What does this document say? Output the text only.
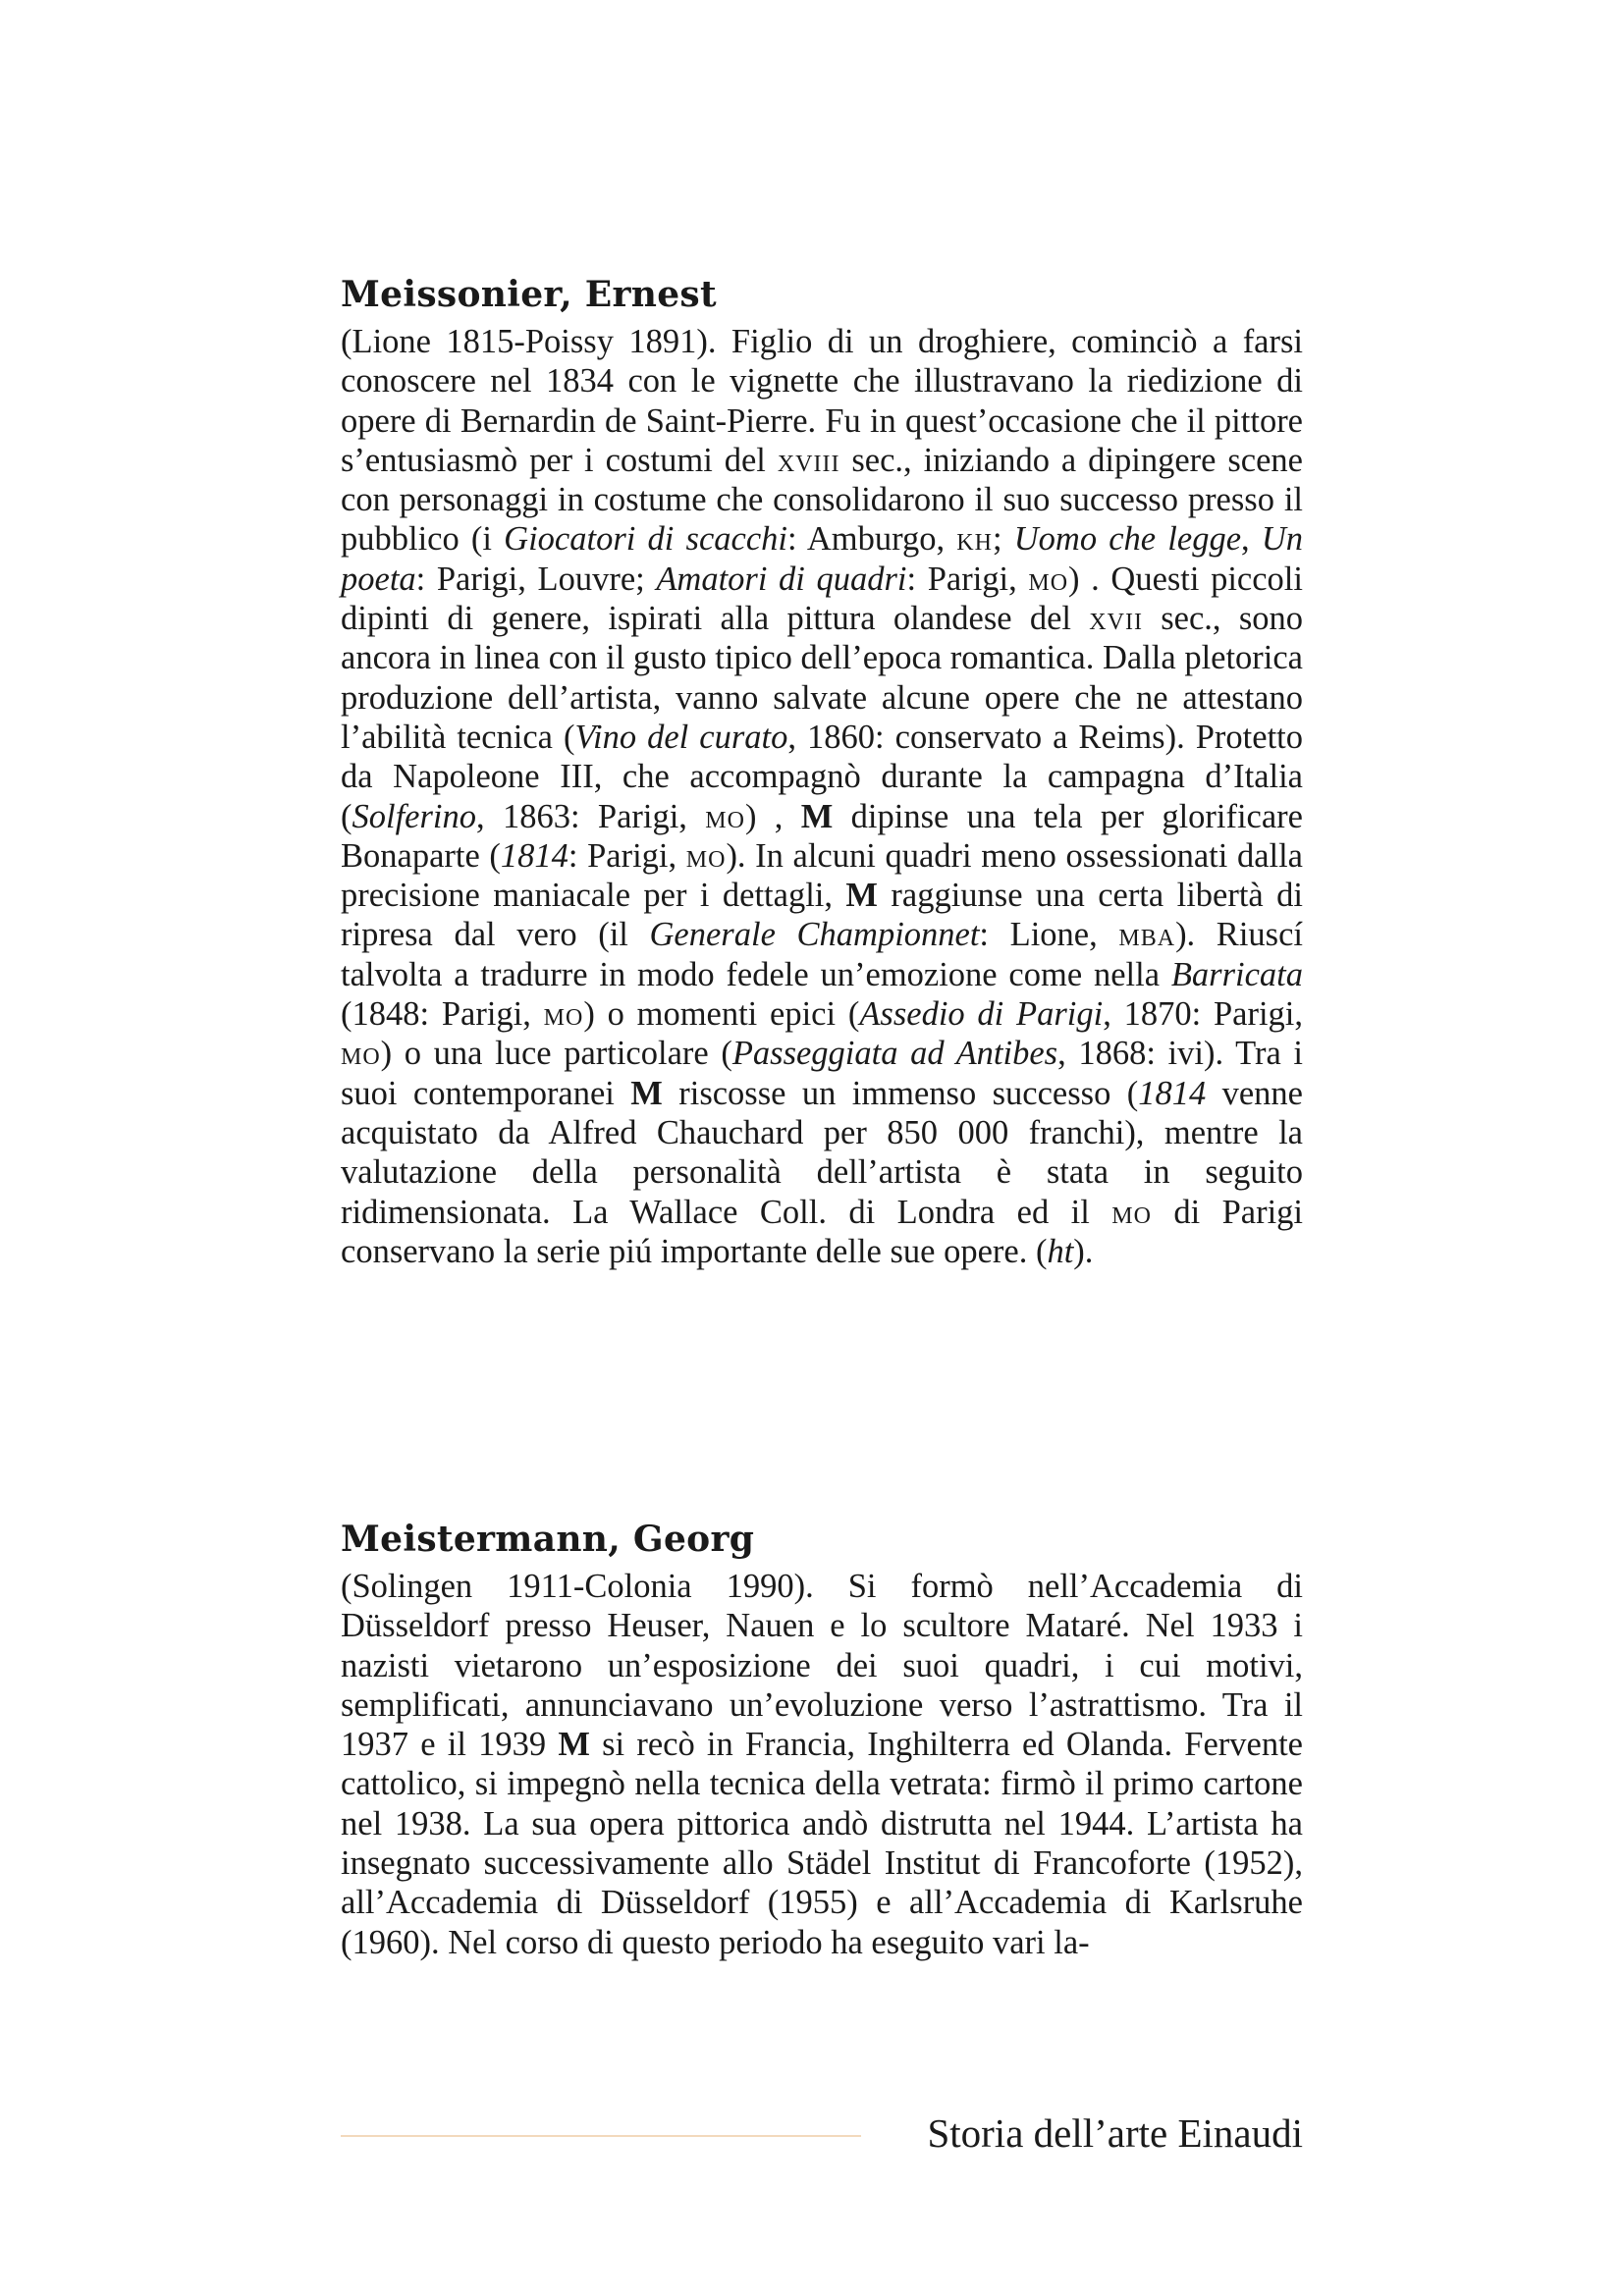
Meissonier, Ernest

(Lione 1815-Poissy 1891). Figlio di un droghiere, cominciò a farsi conoscere nel 1834 con le vignette che illustravano la riedizione di opere di Bernardin de Saint-Pierre. Fu in quest’occasione che il pittore s’entusiasmò per i costumi del xviii sec., iniziando a dipingere scene con personaggi in costume che consolidarono il suo successo presso il pubblico (i Giocatori di scacchi: Amburgo, kh; Uomo che legge, Un poeta: Parigi, Louvre; Amatori di quadri: Parigi, mo) . Questi piccoli dipinti di genere, ispirati alla pittura olandese del xvii sec., sono ancora in linea con il gusto tipico dell’epoca romantica. Dalla pletorica produzione dell’artista, vanno salvate alcune opere che ne attestano l’abilità tecnica (Vino del curato, 1860: conservato a Reims). Protetto da Napoleone III, che accompagnò durante la campagna d’Italia (Solferino, 1863: Parigi, mo) , M dipinse una tela per glorificare Bonaparte (1814: Parigi, mo). In alcuni quadri meno ossessionati dalla precisione maniacale per i dettagli, M raggiunse una certa libertà di ripresa dal vero (il Generale Championnet: Lione, mba). Riuscí talvolta a tradurre in modo fedele un’emozione come nella Barricata (1848: Parigi, mo) o momenti epici (Assedio di Parigi, 1870: Parigi, mo) o una luce particolare (Passeggiata ad Antibes, 1868: ivi). Tra i suoi contemporanei M riscosse un immenso successo (1814 venne acquistato da Alfred Chauchard per 850 000 franchi), mentre la valutazione della personalità dell’artista è stata in seguito ridimensionata. La Wallace Coll. di Londra ed il mo di Parigi conservano la serie piú importante delle sue opere. (ht).

Meistermann, Georg

(Solingen 1911-Colonia 1990). Si formò nell’Accademia di Düsseldorf presso Heuser, Nauen e lo scultore Mataré. Nel 1933 i nazisti vietarono un’esposizione dei suoi quadri, i cui motivi, semplificati, annunciavano un’evoluzione verso l’astrattismo. Tra il 1937 e il 1939 M si recò in Francia, Inghilterra ed Olanda. Fervente cattolico, si impegnò nella tecnica della vetrata: firmò il primo cartone nel 1938. La sua opera pittorica andò distrutta nel 1944. L’artista ha insegnato successivamente allo Städel Institut di Francoforte (1952), all’Accademia di Düsseldorf (1955) e all’Accademia di Karlsruhe (1960). Nel corso di questo periodo ha eseguito vari la-

Storia dell’arte Einaudi
